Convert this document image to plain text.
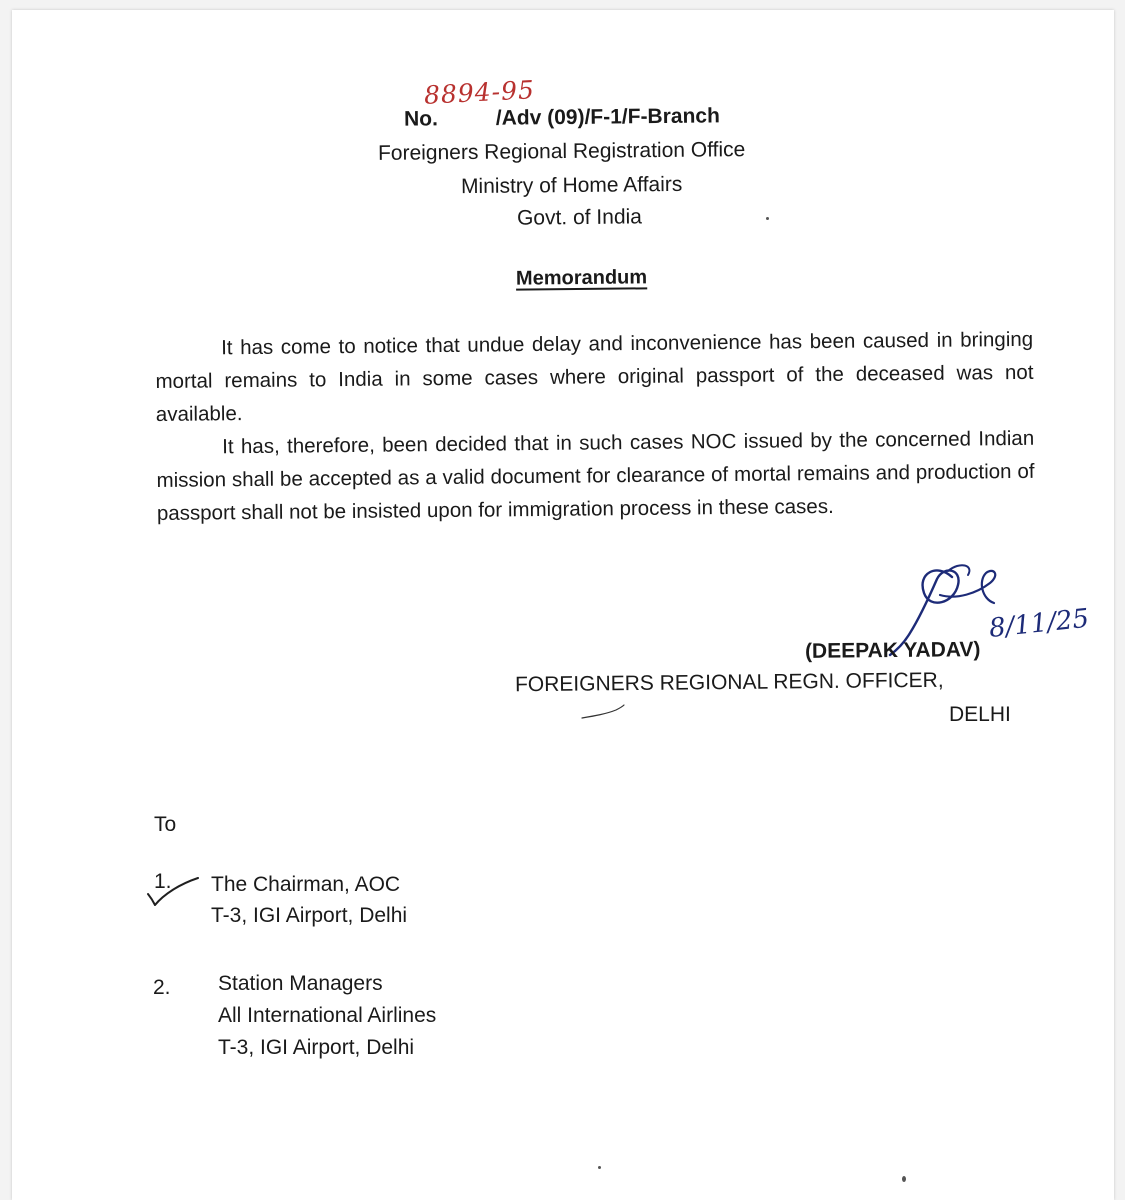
8894-95
No.	/Adv (09)/F-1/F-Branch
Foreigners Regional Registration Office
Ministry of Home Affairs
Govt. of India
Memorandum

It has come to notice that undue delay and inconvenience has been caused in bringing mortal remains to India in some cases where original passport of the deceased was not available.

It has, therefore, been decided that in such cases NOC issued by the concerned Indian mission shall be accepted as a valid document for clearance of mortal remains and production of passport shall not be insisted upon for immigration process in these cases.

8/11/25
(DEEPAK YADAV)
FOREIGNERS REGIONAL REGN. OFFICER,
DELHI
To
1. The Chairman, AOC
T-3, IGI Airport, Delhi
2. Station Managers
All International Airlines
T-3, IGI Airport, Delhi
